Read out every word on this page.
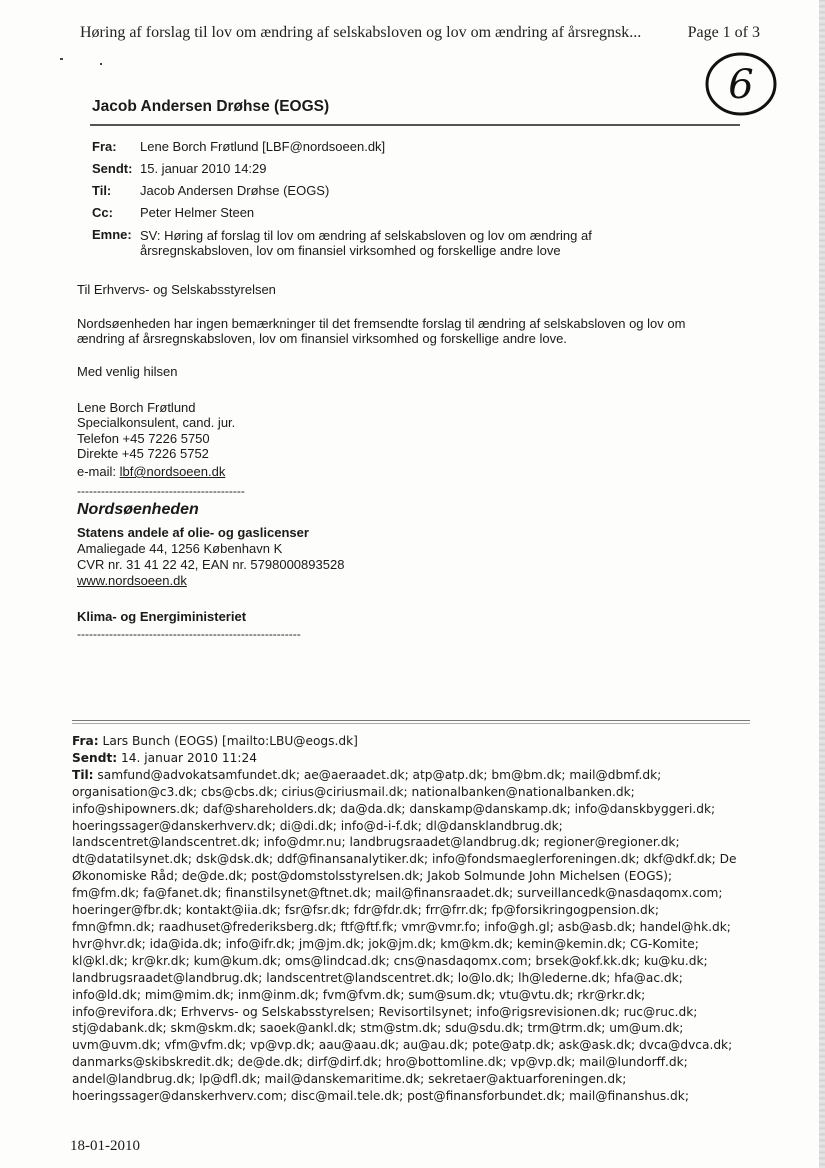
Høring af forslag til lov om ændring af selskabsloven og lov om ændring af årsregnsk...	Page 1 of 3
6
Jacob Andersen Drøhse (EOGS)
Fra:	Lene Borch Frøtlund [LBF@nordsoeen.dk]
Sendt: 15. januar 2010 14:29
Til:	Jacob Andersen Drøhse (EOGS)
Cc:	Peter Helmer Steen
Emne: SV: Høring af forslag til lov om ændring af selskabsloven og lov om ændring af
årsregnskabsloven, lov om finansiel virksomhed og forskellige andre love
Til Erhvervs- og Selskabsstyrelsen
Nordsøenheden har ingen bemærkninger til det fremsendte forslag til ændring af selskabsloven og lov om
ændring af årsregnskabsloven, lov om finansiel virksomhed og forskellige andre love.
Med venlig hilsen
Lene Borch Frøtlund
Specialkonsulent, cand. jur.
Telefon +45 7226 5750
Direkte +45 7226 5752
e-mail: lbf@nordsoeen.dk
------------------------------------------
Nordsøenheden
Statens andele af olie- og gaslicenser
Amaliegade 44, 1256 København K
CVR nr. 31 41 22 42, EAN nr. 5798000893528
www.nordsoeen.dk
Klima- og Energiministeriet
--------------------------------------------------------
Fra: Lars Bunch (EOGS) [mailto:LBU@eogs.dk]
Sendt: 14. januar 2010 11:24
Til: samfund@advokatsamfundet.dk; ae@aeraadet.dk; atp@atp.dk; bm@bm.dk; mail@dbmf.dk;
organisation@c3.dk; cbs@cbs.dk; cirius@ciriusmail.dk; nationalbanken@nationalbanken.dk;
info@shipowners.dk; daf@shareholders.dk; da@da.dk; danskamp@danskamp.dk; info@danskbyggeri.dk;
hoeringssager@danskerhverv.dk; di@di.dk; info@d-i-f.dk; dl@dansklandbrug.dk;
landscentret@landscentret.dk; info@dmr.nu; landbrugsraadet@landbrug.dk; regioner@regioner.dk;
dt@datatilsynet.dk; dsk@dsk.dk; ddf@finansanalytiker.dk; info@fondsmaeglerforeningen.dk; dkf@dkf.dk; De
Økonomiske Råd; de@de.dk; post@domstolsstyrelsen.dk; Jakob Solmunde John Michelsen (EOGS);
fm@fm.dk; fa@fanet.dk; finanstilsynet@ftnet.dk; mail@finansraadet.dk; surveillancedk@nasdaqomx.com;
hoeringer@fbr.dk; kontakt@iia.dk; fsr@fsr.dk; fdr@fdr.dk; frr@frr.dk; fp@forsikringogpension.dk;
fmn@fmn.dk; raadhuset@frederiksberg.dk; ftf@ftf.fk; vmr@vmr.fo; info@gh.gl; asb@asb.dk; handel@hk.dk;
hvr@hvr.dk; ida@ida.dk; info@ifr.dk; jm@jm.dk; jok@jm.dk; km@km.dk; kemin@kemin.dk; CG-Komite;
kl@kl.dk; kr@kr.dk; kum@kum.dk; oms@lindcad.dk; cns@nasdaqomx.com; brsek@okf.kk.dk; ku@ku.dk;
landbrugsraadet@landbrug.dk; landscentret@landscentret.dk; lo@lo.dk; lh@lederne.dk; hfa@ac.dk;
info@ld.dk; mim@mim.dk; inm@inm.dk; fvm@fvm.dk; sum@sum.dk; vtu@vtu.dk; rkr@rkr.dk;
info@revifora.dk; Erhvervs- og Selskabsstyrelsen; Revisortilsynet; info@rigsrevisionen.dk; ruc@ruc.dk;
stj@dabank.dk; skm@skm.dk; saoek@ankl.dk; stm@stm.dk; sdu@sdu.dk; trm@trm.dk; um@um.dk;
uvm@uvm.dk; vfm@vfm.dk; vp@vp.dk; aau@aau.dk; au@au.dk; pote@atp.dk; ask@ask.dk; dvca@dvca.dk;
danmarks@skibskredit.dk; de@de.dk; dirf@dirf.dk; hro@bottomline.dk; vp@vp.dk; mail@lundorff.dk;
andel@landbrug.dk; lp@dfl.dk; mail@danskemaritime.dk; sekretaer@aktuarforeningen.dk;
hoeringssager@danskerhverv.com; disc@mail.tele.dk; post@finansforbundet.dk; mail@finanshus.dk;
18-01-2010
